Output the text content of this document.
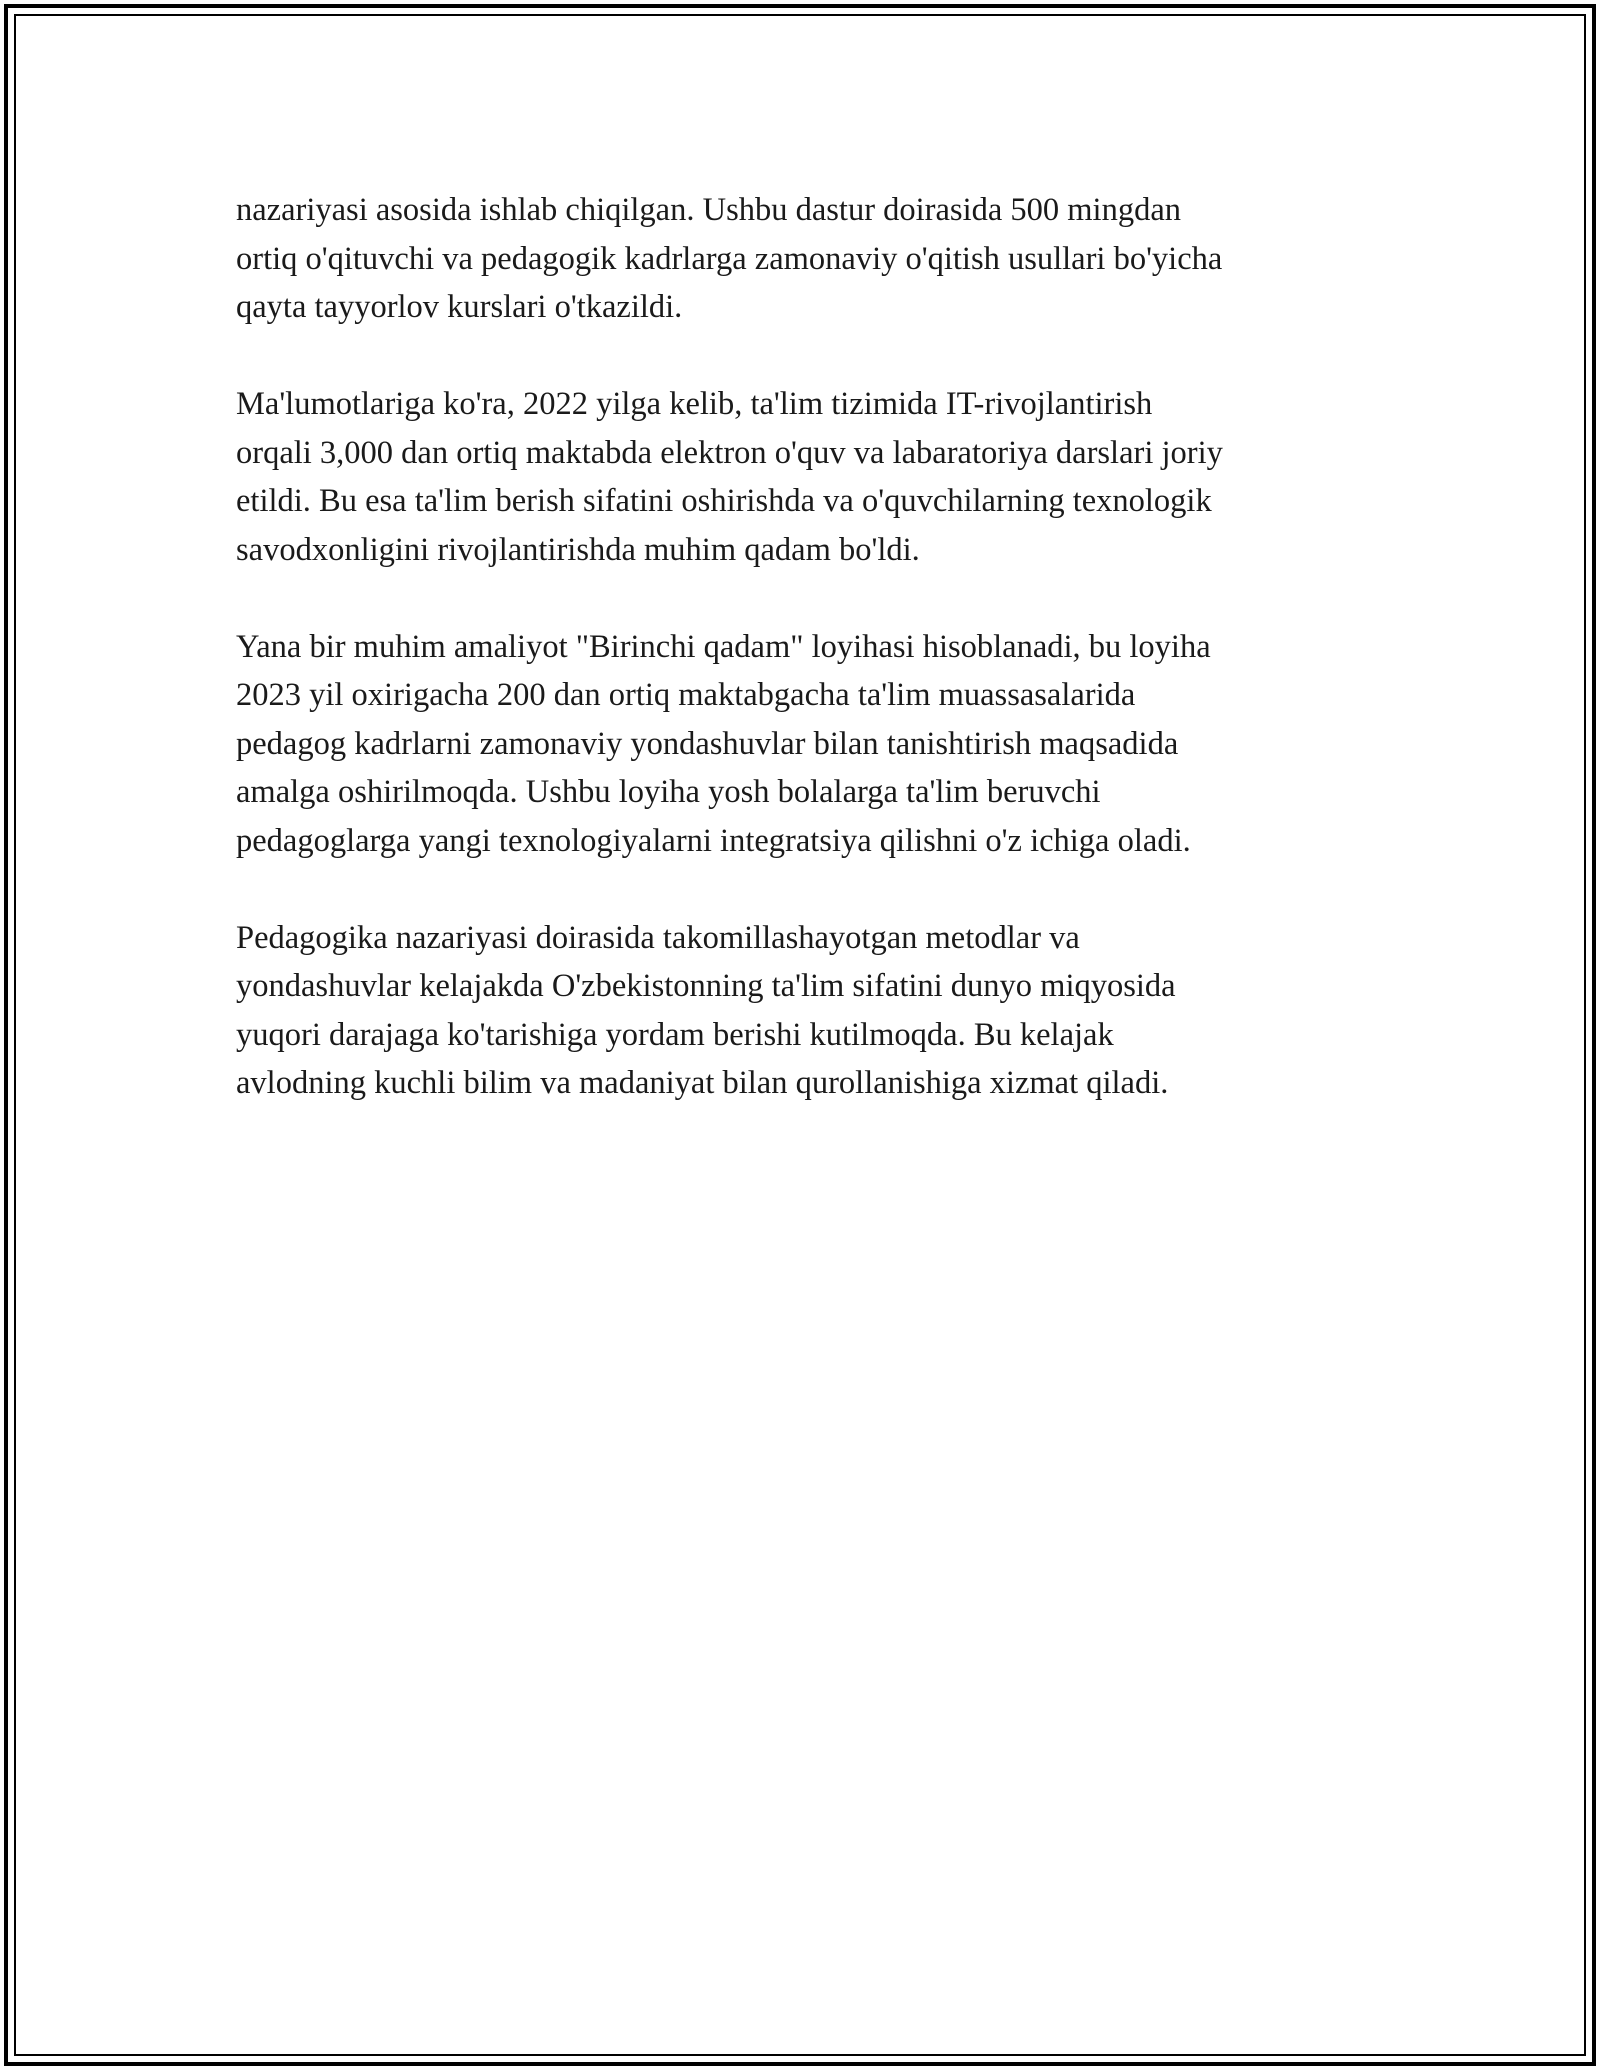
nazariyasi asosida ishlab chiqilgan. Ushbu dastur doirasida 500 mingdan
ortiq o'qituvchi va pedagogik kadrlarga zamonaviy o'qitish usullari bo'yicha
qayta tayyorlov kurslari o'tkazildi.

Ma'lumotlariga ko'ra, 2022 yilga kelib, ta'lim tizimida IT-rivojlantirish
orqali 3,000 dan ortiq maktabda elektron o'quv va labaratoriya darslari joriy
etildi. Bu esa ta'lim berish sifatini oshirishda va o'quvchilarning texnologik
savodxonligini rivojlantirishda muhim qadam bo'ldi.

Yana bir muhim amaliyot "Birinchi qadam" loyihasi hisoblanadi, bu loyiha
2023 yil oxirigacha 200 dan ortiq maktabgacha ta'lim muassasalarida
pedagog kadrlarni zamonaviy yondashuvlar bilan tanishtirish maqsadida
amalga oshirilmoqda. Ushbu loyiha yosh bolalarga ta'lim beruvchi
pedagoglarga yangi texnologiyalarni integratsiya qilishni o'z ichiga oladi.

Pedagogika nazariyasi doirasida takomillashayotgan metodlar va
yondashuvlar kelajakda O'zbekistonning ta'lim sifatini dunyo miqyosida
yuqori darajaga ko'tarishiga yordam berishi kutilmoqda. Bu kelajak
avlodning kuchli bilim va madaniyat bilan qurollanishiga xizmat qiladi.
